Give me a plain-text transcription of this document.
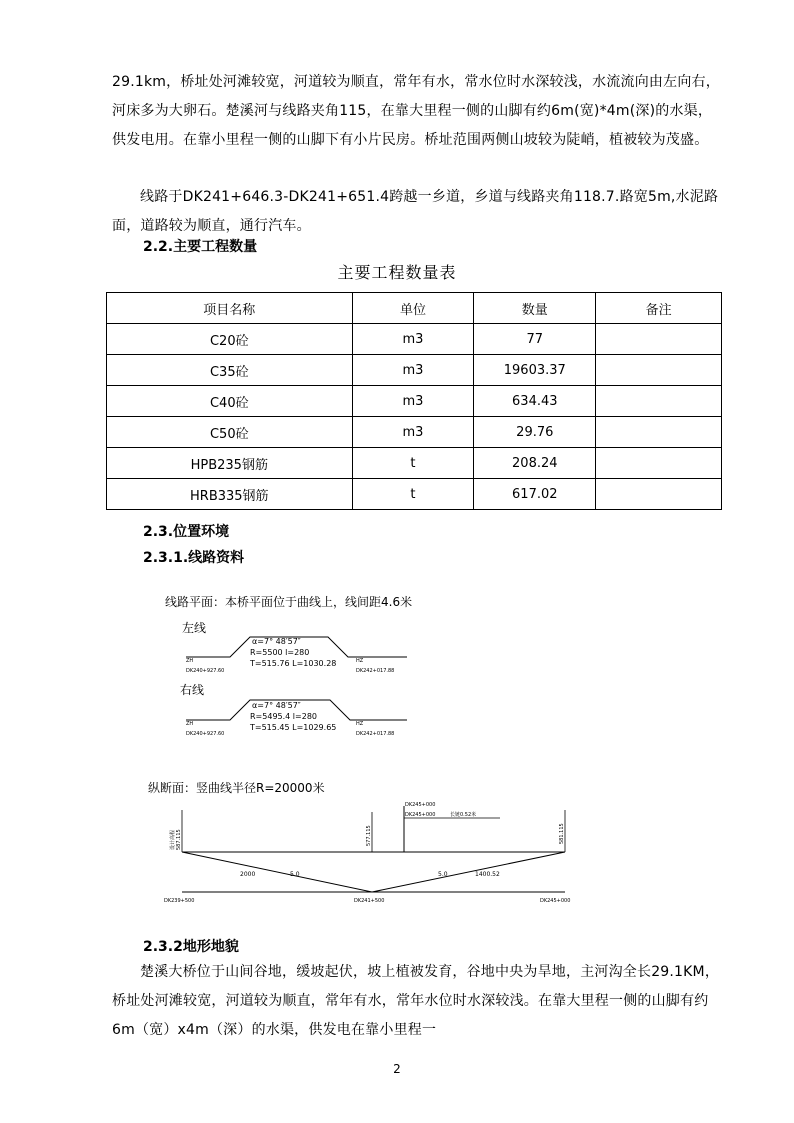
29.1km，桥址处河滩较宽，河道较为顺直，常年有水，常水位时水深较浅，水流流向由左向右，河床多为大卵石。楚溪河与线路夹角115，在靠大里程一侧的山脚有约6m(宽)*4m(深)的水渠，供发电用。在靠小里程一侧的山脚下有小片民房。桥址范围两侧山坡较为陡峭，植被较为茂盛。
线路于DK241+646.3-DK241+651.4跨越一乡道，乡道与线路夹角118.7.路宽5m,水泥路面，道路较为顺直，通行汽车。
2.2.主要工程数量
主要工程数量表
项目名称	单位	数量	备注
C20砼	m3	77	
C35砼	m3	19603.37	
C40砼	m3	634.43	
C50砼	m3	29.76	
HPB235钢筋	t	208.24	
HRB335钢筋	t	617.02	
2.3.位置环境
2.3.1.线路资料
线路平面：本桥平面位于曲线上，线间距4.6米
左线
α=7° 48′57″
R=5500 l=280
T=515.76 L=1030.28
ZH
DK240+927.60
HZ
DK242+017.88
右线
α=7° 48′57″
R=5495.4 l=280
T=515.45 L=1029.65
ZH
DK240+927.60
HZ
DK242+017.88
纵断面：竖曲线半径R=20000米
DK245+000
DK245+000	长链0.52米
设计高程 587.115	577.115	581.115
2000	5.0	5.0	1400.52
DK239+500	DK241+500	DK245+000
2.3.2地形地貌
楚溪大桥位于山间谷地，缓坡起伏，坡上植被发育，谷地中央为旱地，主河沟全长29.1KM，桥址处河滩较宽，河道较为顺直，常年有水，常年水位时水深较浅。在靠大里程一侧的山脚有约6m（宽）x4m（深）的水渠，供发电在靠小里程一
2
